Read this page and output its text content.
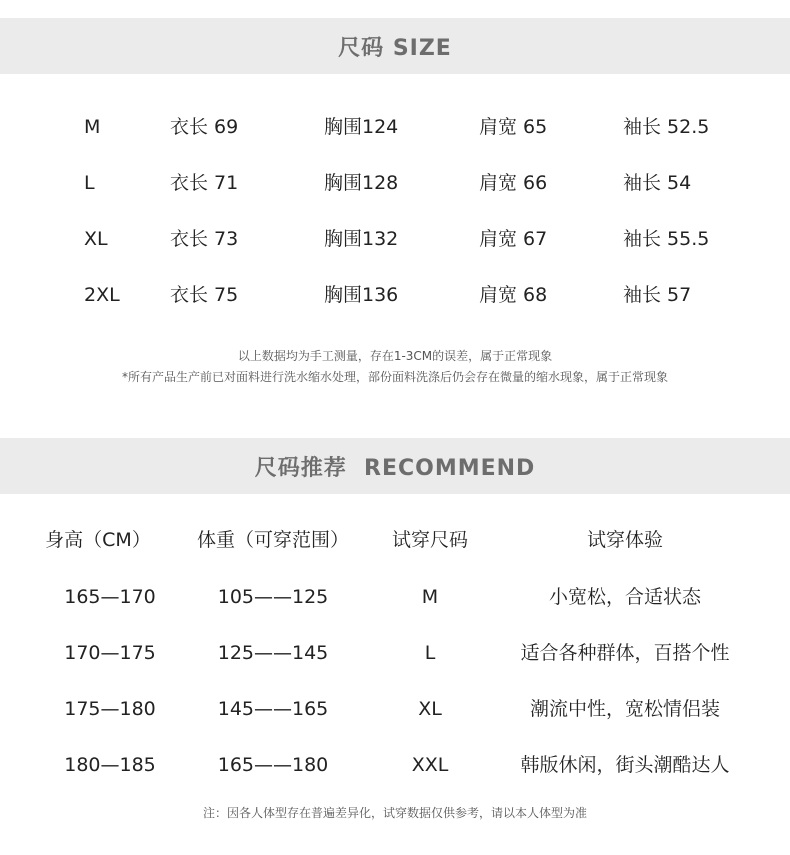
尺码 SIZE
M	衣长 69	胸围124	肩宽 65	袖长 52.5
L	衣长 71	胸围128	肩宽 66	袖长 54
XL	衣长 73	胸围132	肩宽 67	袖长 55.5
2XL	衣长 75	胸围136	肩宽 68	袖长 57
以上数据均为手工测量，存在1-3CM的误差，属于正常现象
*所有产品生产前已对面料进行洗水缩水处理，部份面料洗涤后仍会存在微量的缩水现象，属于正常现象
尺码推荐  RECOMMEND
身高（CM）	体重（可穿范围）	试穿尺码	试穿体验
165—170	105——125	M	小宽松，合适状态
170—175	125——145	L	适合各种群体，百搭个性
175—180	145——165	XL	潮流中性，宽松情侣装
180—185	165——180	XXL	韩版休闲，街头潮酷达人
注：因各人体型存在普遍差异化，试穿数据仅供参考，请以本人体型为准
